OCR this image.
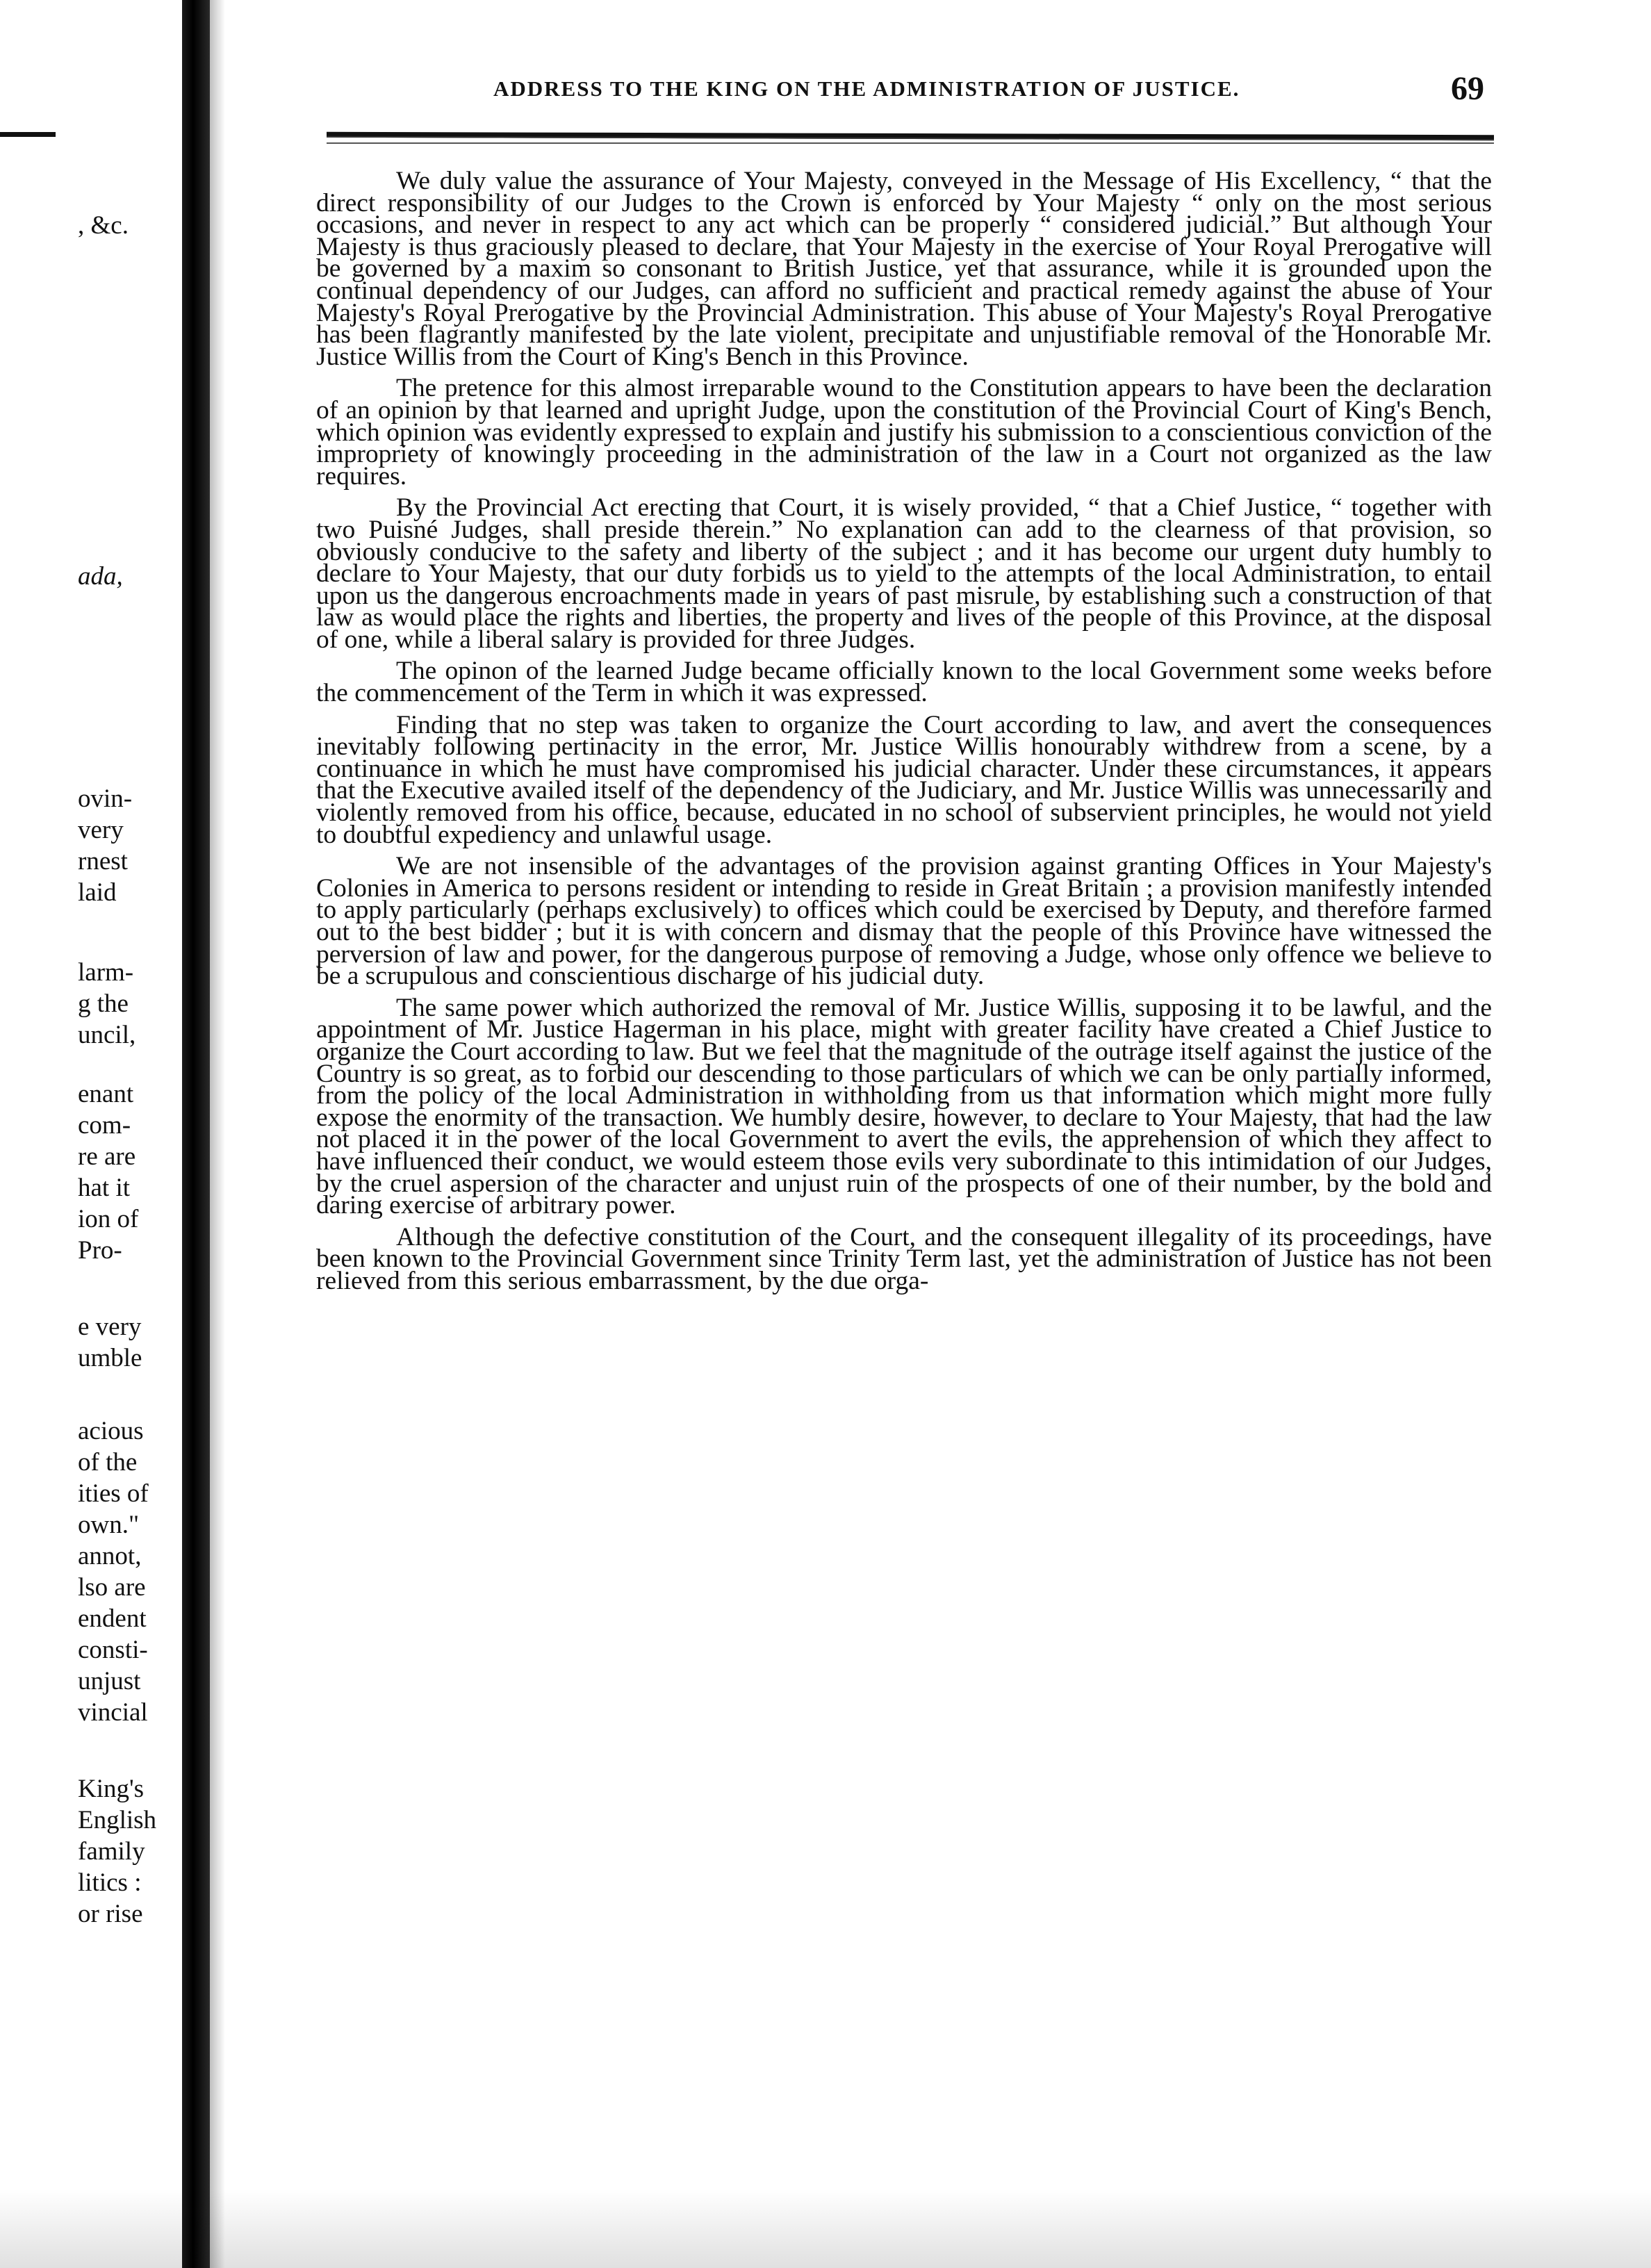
, &c.
ada,
ovin-
very
rnest
laid
larm-
g the
uncil,
enant
com-
re are
hat it
ion of
Pro-
e very
umble
acious
of the
ities of
own."
annot,
lso are
endent
consti-
unjust
vincial
King's
English
family
litics :
or rise
ADDRESS TO THE KING ON THE ADMINISTRATION OF JUSTICE.	69

We duly value the assurance of Your Majesty, conveyed in the Message of His Excellency, “ that the direct responsibility of our Judges to the Crown is enforced by Your Majesty “ only on the most serious occasions, and never in respect to any act which can be properly “ considered judicial.” But although Your Majesty is thus graciously pleased to declare, that Your Majesty in the exercise of Your Royal Prerogative will be governed by a maxim so consonant to British Justice, yet that assurance, while it is grounded upon the continual dependency of our Judges, can afford no sufficient and practical remedy against the abuse of Your Majesty's Royal Prerogative by the Provincial Administration. This abuse of Your Majesty's Royal Prerogative has been flagrantly manifested by the late violent, precipitate and unjustifiable removal of the Honorable Mr. Justice Willis from the Court of King's Bench in this Province.

The pretence for this almost irreparable wound to the Constitution appears to have been the declaration of an opinion by that learned and upright Judge, upon the constitution of the Provincial Court of King's Bench, which opinion was evidently expressed to explain and justify his submission to a conscientious conviction of the impropriety of knowingly proceeding in the administration of the law in a Court not organized as the law requires.

By the Provincial Act erecting that Court, it is wisely provided, “ that a Chief Justice, “ together with two Puisné Judges, shall preside therein.” No explanation can add to the clearness of that provision, so obviously conducive to the safety and liberty of the subject ; and it has become our urgent duty humbly to declare to Your Majesty, that our duty forbids us to yield to the attempts of the local Administration, to entail upon us the dangerous encroachments made in years of past misrule, by establishing such a construction of that law as would place the rights and liberties, the property and lives of the people of this Province, at the disposal of one, while a liberal salary is provided for three Judges.

The opinon of the learned Judge became officially known to the local Government some weeks before the commencement of the Term in which it was expressed.

Finding that no step was taken to organize the Court according to law, and avert the consequences inevitably following pertinacity in the error, Mr. Justice Willis honourably withdrew from a scene, by a continuance in which he must have compromised his judicial character. Under these circumstances, it appears that the Executive availed itself of the dependency of the Judiciary, and Mr. Justice Willis was unnecessarily and violently removed from his office, because, educated in no school of subservient principles, he would not yield to doubtful expediency and unlawful usage.

We are not insensible of the advantages of the provision against granting Offices in Your Majesty's Colonies in America to persons resident or intending to reside in Great Britain ; a provision manifestly intended to apply particularly (perhaps exclusively) to offices which could be exercised by Deputy, and therefore farmed out to the best bidder ; but it is with concern and dismay that the people of this Province have witnessed the perversion of law and power, for the dangerous purpose of removing a Judge, whose only offence we believe to be a scrupulous and conscientious discharge of his judicial duty.

The same power which authorized the removal of Mr. Justice Willis, supposing it to be lawful, and the appointment of Mr. Justice Hagerman in his place, might with greater facility have created a Chief Justice to organize the Court according to law. But we feel that the magnitude of the outrage itself against the justice of the Country is so great, as to forbid our descending to those particulars of which we can be only partially informed, from the policy of the local Administration in withholding from us that information which might more fully expose the enormity of the transaction. We humbly desire, however, to declare to Your Majesty, that had the law not placed it in the power of the local Government to avert the evils, the apprehension of which they affect to have influenced their conduct, we would esteem those evils very subordinate to this intimidation of our Judges, by the cruel aspersion of the character and unjust ruin of the prospects of one of their number, by the bold and daring exercise of arbitrary power.

Although the defective constitution of the Court, and the consequent illegality of its proceedings, have been known to the Provincial Government since Trinity Term last, yet the administration of Justice has not been relieved from this serious embarrassment, by the due orga-
